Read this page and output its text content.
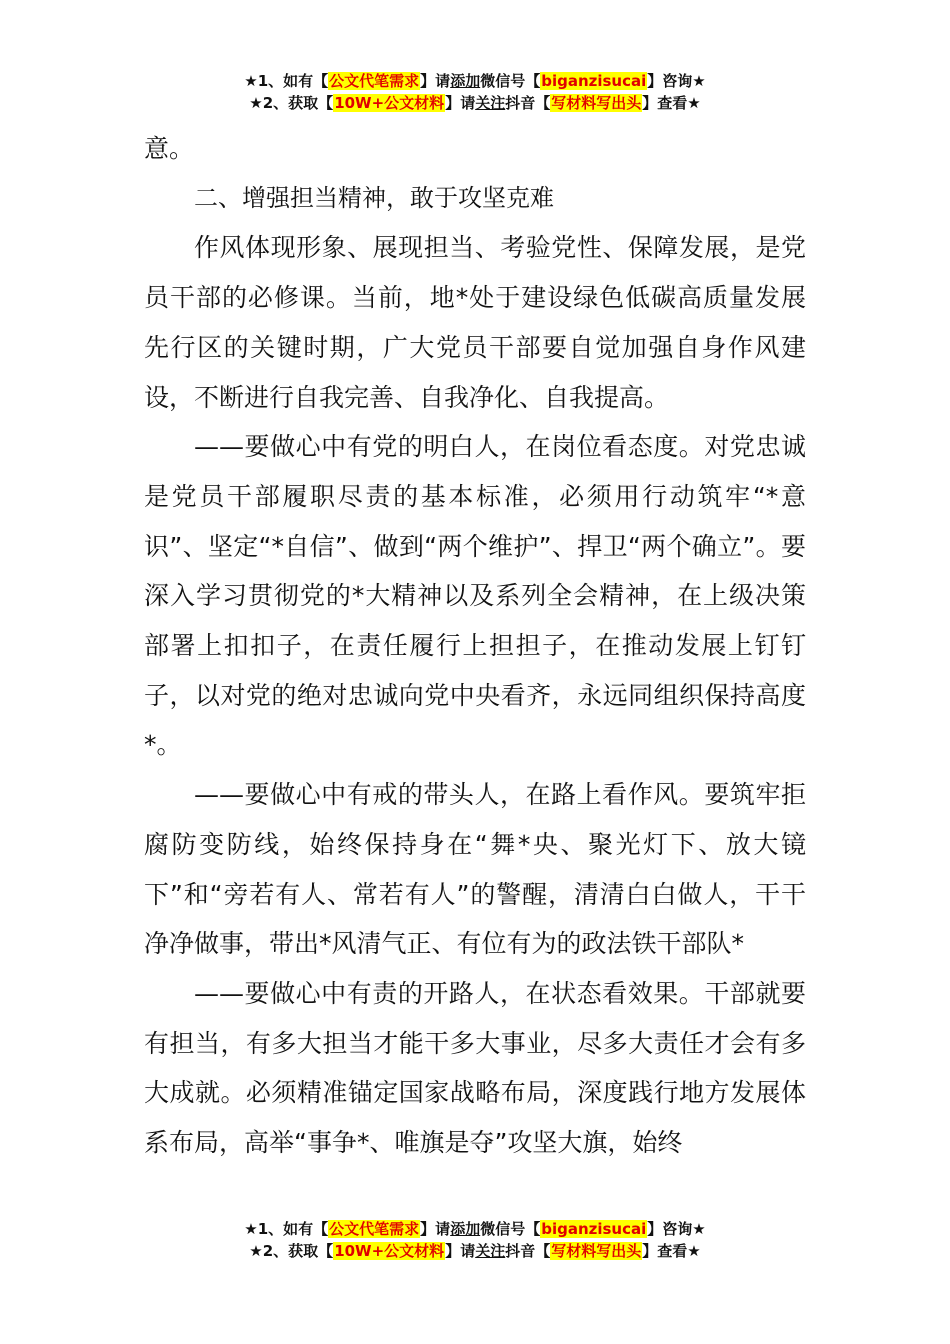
★1、如有【公文代笔需求】请添加微信号【biganzisucai】咨询★
★2、获取【10W+公文材料】请关注抖音【写材料写出头】查看★

意。

二、增强担当精神，敢于攻坚克难

作风体现形象、展现担当、考验党性、保障发展，是党员干部的必修课。当前，地*处于建设绿色低碳高质量发展先行区的关键时期，广大党员干部要自觉加强自身作风建设，不断进行自我完善、自我净化、自我提高。

——要做心中有党的明白人，在岗位看态度。对党忠诚是党员干部履职尽责的基本标准，必须用行动筑牢“*意识”、坚定“*自信”、做到“两个维护”、捍卫“两个确立”。要深入学习贯彻党的*大精神以及系列全会精神，在上级决策部署上扣扣子，在责任履行上担担子，在推动发展上钉钉子，以对党的绝对忠诚向党中央看齐，永远同组织保持高度*。

——要做心中有戒的带头人，在路上看作风。要筑牢拒腐防变防线，始终保持身在“舞*央、聚光灯下、放大镜下”和“旁若有人、常若有人”的警醒，清清白白做人，干干净净做事，带出*风清气正、有位有为的政法铁干部队*

——要做心中有责的开路人，在状态看效果。干部就要有担当，有多大担当才能干多大事业，尽多大责任才会有多大成就。必须精准锚定国家战略布局，深度践行地方发展体系布局，高举“事争*、唯旗是夺”攻坚大旗，始终

★1、如有【公文代笔需求】请添加微信号【biganzisucai】咨询★
★2、获取【10W+公文材料】请关注抖音【写材料写出头】查看★
